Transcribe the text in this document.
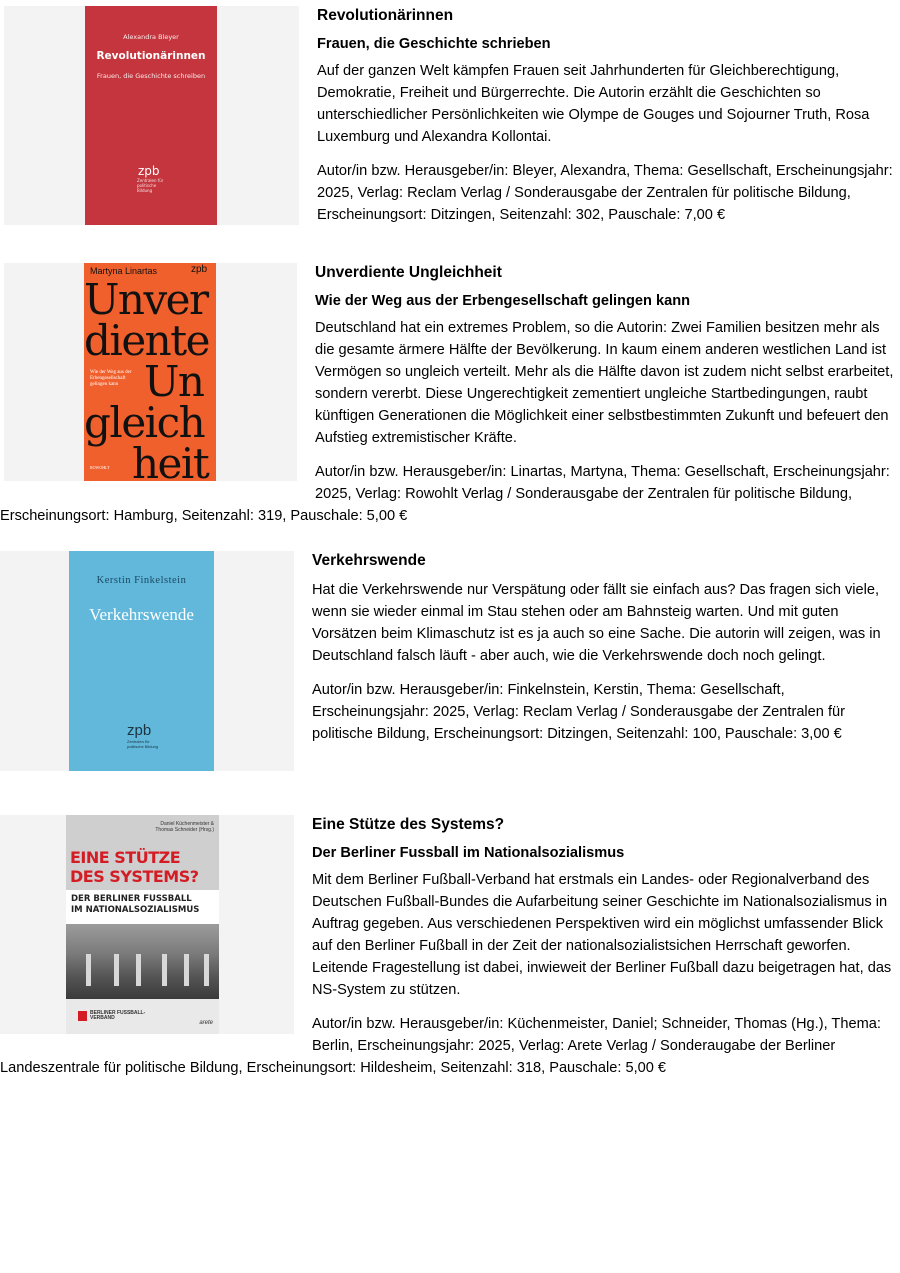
Alexandra Bleyer
Revolutionärinnen
Frauen, die Geschichte schreiben
zpb
Zentralen für politische Bildung
Revolutionärinnen
Frauen, die Geschichte schrieben
Auf der ganzen Welt kämpfen Frauen seit Jahrhunderten für Gleichberechtigung, Demokratie, Freiheit und Bürgerrechte. Die Autorin erzählt die Geschichten so unterschiedlicher Persönlichkeiten wie Olympe de Gouges und Sojourner Truth, Rosa Luxemburg und Alexandra Kollontai.
Autor/in bzw. Herausgeber/in: Bleyer, Alexandra, Thema: Gesellschaft, Erscheinungsjahr: 2025, Verlag: Reclam Verlag / Sonderausgabe der Zentralen für politische Bildung, Erscheinungsort: Ditzingen, Seitenzahl: 302, Pauschale: 7,00 €
Martyna Linartas	zpb
Unver
diente
Un
gleich
heit
Wie der Weg aus der Erbengesellschaft gelingen kann
ROWOHLT
Unverdiente Ungleichheit
Wie der Weg aus der Erbengesellschaft gelingen kann
Deutschland hat ein extremes Problem, so die Autorin: Zwei Familien besitzen mehr als die gesamte ärmere Hälfte der Bevölkerung. In kaum einem anderen westlichen Land ist Vermögen so ungleich verteilt. Mehr als die Hälfte davon ist zudem nicht selbst erarbeitet, sondern vererbt. Diese Ungerechtigkeit zementiert ungleiche Startbedingungen, raubt künftigen Generationen die Möglichkeit einer selbstbestimmten Zukunft und befeuert den Aufstieg extremistischer Kräfte.
Autor/in bzw. Herausgeber/in: Linartas, Martyna, Thema: Gesellschaft, Erscheinungsjahr: 2025, Verlag: Rowohlt Verlag / Sonderausgabe der Zentralen für politische Bildung, Erscheinungsort: Hamburg, Seitenzahl: 319, Pauschale: 5,00 €
Kerstin Finkelstein
Verkehrswende
zpb
Zentralen für politische Bildung
Verkehrswende
Hat die Verkehrswende nur Verspätung oder fällt sie einfach aus? Das fragen sich viele, wenn sie wieder einmal im Stau stehen oder am Bahnsteig warten. Und mit guten Vorsätzen beim Klimaschutz ist es ja auch so eine Sache. Die autorin will zeigen, was in Deutschland falsch läuft - aber auch, wie die Verkehrswende doch noch gelingt.
Autor/in bzw. Herausgeber/in: Finkelnstein, Kerstin, Thema: Gesellschaft, Erscheinungsjahr: 2025, Verlag: Reclam Verlag / Sonderausgabe der Zentralen für politische Bildung, Erscheinungsort: Ditzingen, Seitenzahl: 100, Pauschale: 3,00 €
Daniel Küchenmeister &
Thomas Schneider (Hrsg.)
EINE STÜTZE
DES SYSTEMS?
DER BERLINER FUSSBALL
IM NATIONALSOZIALISMUS
BERLINER FUSSBALL-VERBAND
arete
Eine Stütze des Systems?
Der Berliner Fussball im Nationalsozialismus
Mit dem Berliner Fußball-Verband hat erstmals ein Landes- oder Regionalverband des Deutschen Fußball-Bundes die Aufarbeitung seiner Geschichte im Nationalsozialismus in Auftrag gegeben. Aus verschiedenen Perspektiven wird ein möglichst umfassender Blick auf den Berliner Fußball in der Zeit der nationalsozialistsichen Herrschaft geworfen. Leitende Fragestellung ist dabei, inwieweit der Berliner Fußball dazu beigetragen hat, das NS-System zu stützen.
Autor/in bzw. Herausgeber/in: Küchenmeister, Daniel; Schneider, Thomas (Hg.), Thema: Berlin, Erscheinungsjahr: 2025, Verlag: Arete Verlag / Sonderaugabe der Berliner Landeszentrale für politische Bildung, Erscheinungsort: Hildesheim, Seitenzahl: 318, Pauschale: 5,00 €
